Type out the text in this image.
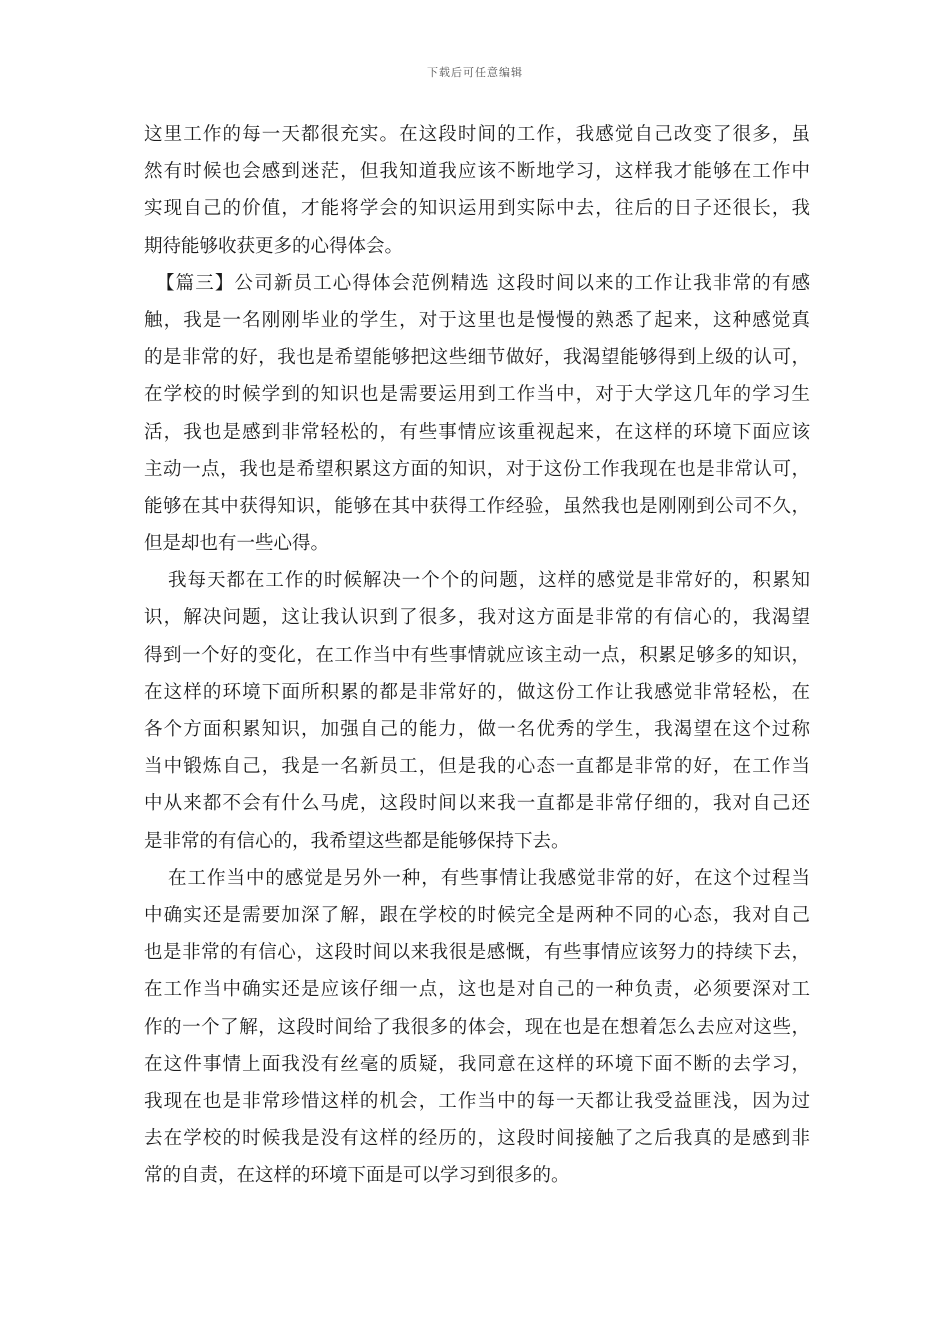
下载后可任意编辑
这里工作的每一天都很充实。在这段时间的工作，我感觉自己改变了很多，虽
然有时候也会感到迷茫，但我知道我应该不断地学习，这样我才能够在工作中
实现自己的价值，才能将学会的知识运用到实际中去，往后的日子还很长，我
期待能够收获更多的心得体会。
【篇三】公司新员工心得体会范例精选 这段时间以来的工作让我非常的有感
触，我是一名刚刚毕业的学生，对于这里也是慢慢的熟悉了起来，这种感觉真
的是非常的好，我也是希望能够把这些细节做好，我渴望能够得到上级的认可，
在学校的时候学到的知识也是需要运用到工作当中，对于大学这几年的学习生
活，我也是感到非常轻松的，有些事情应该重视起来，在这样的环境下面应该
主动一点，我也是希望积累这方面的知识，对于这份工作我现在也是非常认可，
能够在其中获得知识，能够在其中获得工作经验，虽然我也是刚刚到公司不久，
但是却也有一些心得。
我每天都在工作的时候解决一个个的问题，这样的感觉是非常好的，积累知
识，解决问题，这让我认识到了很多，我对这方面是非常的有信心的，我渴望
得到一个好的变化，在工作当中有些事情就应该主动一点，积累足够多的知识，
在这样的环境下面所积累的都是非常好的，做这份工作让我感觉非常轻松，在
各个方面积累知识，加强自己的能力，做一名优秀的学生，我渴望在这个过称
当中锻炼自己，我是一名新员工，但是我的心态一直都是非常的好，在工作当
中从来都不会有什么马虎，这段时间以来我一直都是非常仔细的，我对自己还
是非常的有信心的，我希望这些都是能够保持下去。
在工作当中的感觉是另外一种，有些事情让我感觉非常的好，在这个过程当
中确实还是需要加深了解，跟在学校的时候完全是两种不同的心态，我对自己
也是非常的有信心，这段时间以来我很是感慨，有些事情应该努力的持续下去，
在工作当中确实还是应该仔细一点，这也是对自己的一种负责，必须要深对工
作的一个了解，这段时间给了我很多的体会，现在也是在想着怎么去应对这些，
在这件事情上面我没有丝毫的质疑，我同意在这样的环境下面不断的去学习，
我现在也是非常珍惜这样的机会，工作当中的每一天都让我受益匪浅，因为过
去在学校的时候我是没有这样的经历的，这段时间接触了之后我真的是感到非
常的自责，在这样的环境下面是可以学习到很多的。
